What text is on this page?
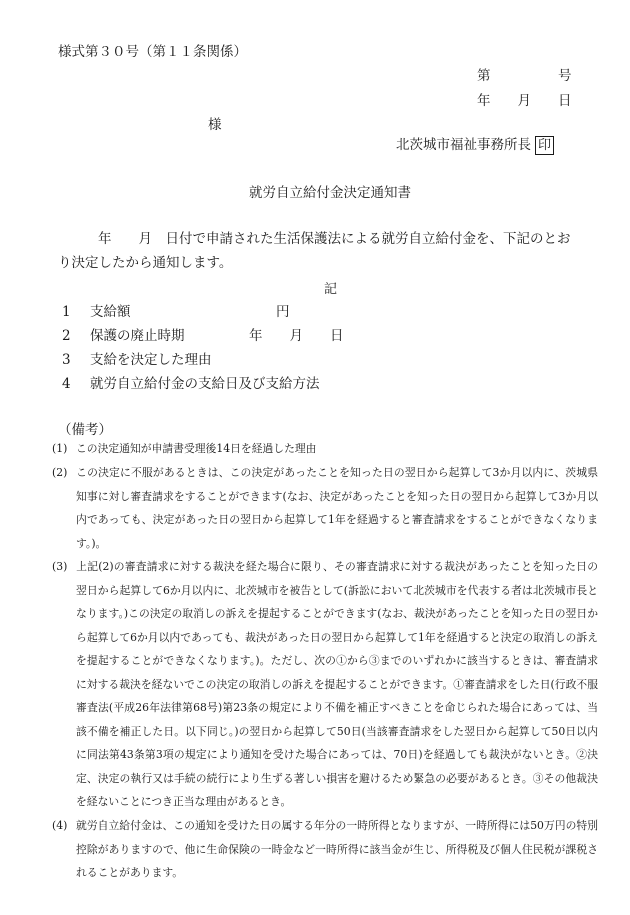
様式第３０号（第１１条関係）
第　　　　　号
年　　月　　日
様
北茨城市福祉事務所長 印
就労自立給付金決定通知書
年　　月　日付で申請された生活保護法による就労自立給付金を、下記のとおり決定したから通知します。
記
1 支給額	円
2 保護の廃止時期	年　　月　　日
3 支給を決定した理由
4 就労自立給付金の支給日及び支給方法
（備考）
(1) この決定通知が申請書受理後14日を経過した理由
(2) この決定に不服があるときは、この決定があったことを知った日の翌日から起算して3か月以内に、茨城県知事に対し審査請求をすることができます(なお、決定があったことを知った日の翌日から起算して3か月以内であっても、決定があった日の翌日から起算して1年を経過すると審査請求をすることができなくなります。)。
(3) 上記(2)の審査請求に対する裁決を経た場合に限り、その審査請求に対する裁決があったことを知った日の翌日から起算して6か月以内に、北茨城市を被告として(訴訟において北茨城市を代表する者は北茨城市長となります。)この決定の取消しの訴えを提起することができます(なお、裁決があったことを知った日の翌日から起算して6か月以内であっても、裁決があった日の翌日から起算して1年を経過すると決定の取消しの訴えを提起することができなくなります。)。ただし、次の①から③までのいずれかに該当するときは、審査請求に対する裁決を経ないでこの決定の取消しの訴えを提起することができます。①審査請求をした日(行政不服審査法(平成26年法律第68号)第23条の規定により不備を補正すべきことを命じられた場合にあっては、当該不備を補正した日。以下同じ。)の翌日から起算して50日(当該審査請求をした翌日から起算して50日以内に同法第43条第3項の規定により通知を受けた場合にあっては、70日)を経過しても裁決がないとき。②決定、決定の執行又は手続の続行により生ずる著しい損害を避けるため緊急の必要があるとき。③その他裁決を経ないことにつき正当な理由があるとき。
(4) 就労自立給付金は、この通知を受けた日の属する年分の一時所得となりますが、一時所得には50万円の特別控除がありますので、他に生命保険の一時金など一時所得に該当金が生じ、所得税及び個人住民税が課税されることがあります。
